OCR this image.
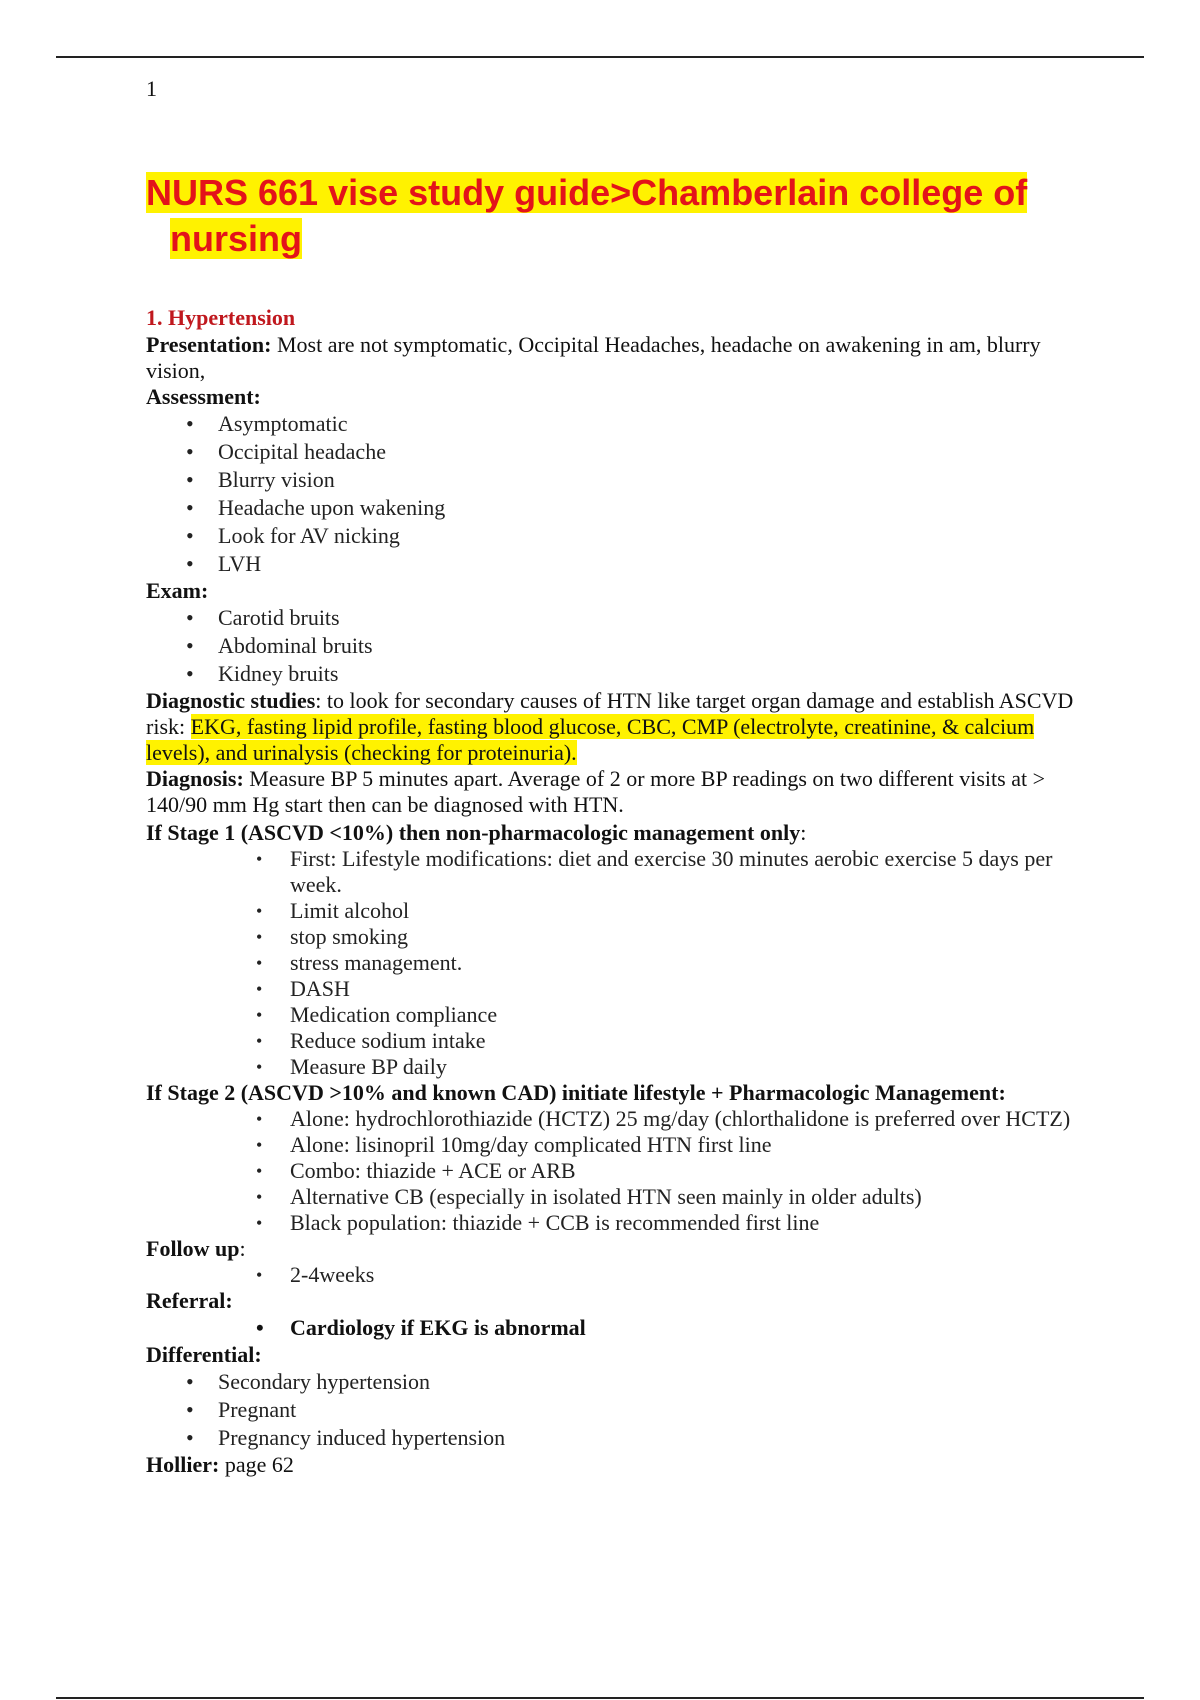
1
NURS 661 vise study guide>Chamberlain college of nursing
1. Hypertension

Presentation: Most are not symptomatic, Occipital Headaches, headache on awakening in am, blurry vision,

Assessment:

• Asymptomatic
• Occipital headache
• Blurry vision
• Headache upon wakening
• Look for AV nicking
• LVH

Exam:

• Carotid bruits
• Abdominal bruits
• Kidney bruits

Diagnostic studies: to look for secondary causes of HTN like target organ damage and establish ASCVD risk: EKG, fasting lipid profile, fasting blood glucose, CBC, CMP (electrolyte, creatinine, & calcium levels), and urinalysis (checking for proteinuria).

Diagnosis: Measure BP 5 minutes apart. Average of 2 or more BP readings on two different visits at > 140/90 mm Hg start then can be diagnosed with HTN.

If Stage 1 (ASCVD <10%) then non-pharmacologic management only:

• First: Lifestyle modifications: diet and exercise 30 minutes aerobic exercise 5 days per week.
• Limit alcohol
• stop smoking
• stress management.
• DASH
• Medication compliance
• Reduce sodium intake
• Measure BP daily

If Stage 2 (ASCVD >10% and known CAD) initiate lifestyle + Pharmacologic Management:

• Alone: hydrochlorothiazide (HCTZ) 25 mg/day (chlorthalidone is preferred over HCTZ)
• Alone: lisinopril 10mg/day complicated HTN first line
• Combo: thiazide + ACE or ARB
• Alternative CB (especially in isolated HTN seen mainly in older adults)
• Black population: thiazide + CCB is recommended first line

Follow up:

• 2-4weeks

Referral:

• Cardiology if EKG is abnormal

Differential:

• Secondary hypertension
• Pregnant
• Pregnancy induced hypertension

Hollier: page 62
